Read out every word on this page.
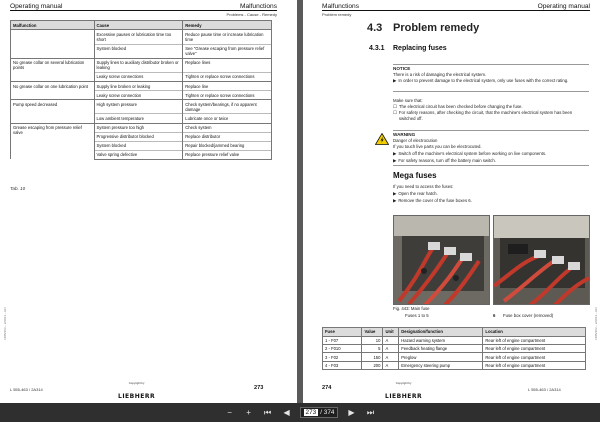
Operating manual	Malfunctions
Problems - Cause - Remedy
Malfunction	Cause	Remedy
	Excessive pauses or lubrication time too short	Reduce pause time or increase lubrication time
	System blocked	See "Grease escaping from pressure relief valve"
No grease collar on several lubrication points	Supply lines to auxiliary distributor broken or leaking	Replace lines
	Leaky screw connections	Tighten or replace screw connections
No grease collar on one lubrication point	Supply line broken or leaking	Replace line
	Leaky screw connection	Tighten or replace screw connections
Pump speed decreased	High system pressure	Check system/bearings, if no apparent damage
	Low ambient temperature	Lubricate once or twice
Grease escaping from pressure relief valve	System pressure too high	Check system
	Progressive distributor blocked	Replace distributor
	System blocked	Repair blocked/jammed bearing
	Valve spring defective	Replace pressure relief valve
Tab. 10
L585/463 – 2/2014 – EN
L 555-463 / 2A314
Copyright by
LIEBHERR
273
Malfunctions	Operating manual
Problem remedy
4.3 Problem remedy
4.3.1 Replacing fuses
NOTICE
There is a risk of damaging the electrical system.
▶ In order to prevent damage to the electrical system, only use fuses with the correct rating.
Make sure that:
☐ The electrical circuit has been checked before changing the fuse.
☐ For safety reasons, after checking the circuit, that the machine's electrical system has been switched off.
WARNING
Danger of electrocution
If you touch live parts you can be electrocuted.
▶ Switch off the machine's electrical system before working on live components.
▶ For safety reasons, turn off the battery main switch.
Mega fuses
If you need to access the fuses:
▶ Open the rear hatch.
▶ Remove the cover of the fuse boxes 6.
Fig. 443: Main fuse
Fuses 1 to 5	6 Fuse box cover (removed)
Fuse	Value	Unit	Designation/function	Location
1 - F07	10	A	Hazard warning system	Rear left of engine compartment
2 - F010	5	A	Feedback heating flange	Rear left of engine compartment
3 - F02	150	A	Preglow	Rear left of engine compartment
4 - F03	200	A	Emergency steering pump	Rear left of engine compartment
L585/463 – 2/2014 – EN
274
Copyright by
LIEBHERR
L 555-463 / 2A314
−	+	⏮	◀	273 / 374	▶	⏭
